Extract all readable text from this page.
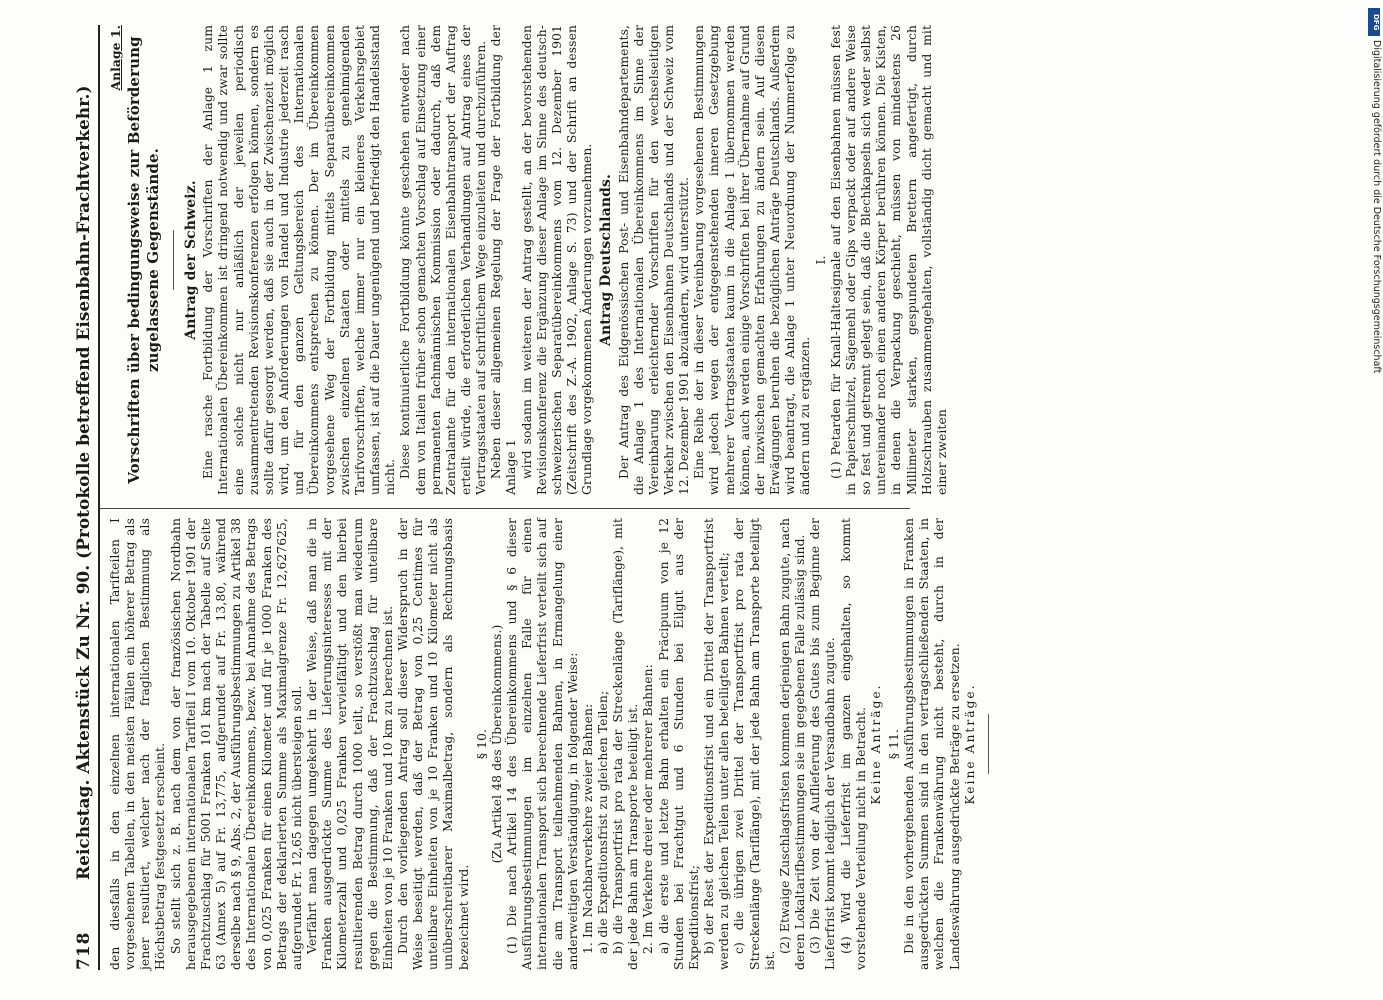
718
Reichstag. Aktenstück Zu Nr. 90. (Protokolle betreffend Eisenbahn-Frachtverkehr.) den diesfalls in den einzelnen internationalen Tarifteilen I vorgesehenen Tabellen, in den meisten Fällen ein höherer Betrag als jener resultiert, welcher nach der fraglichen Bestimmung als Höchstbetrag festgesetzt erscheint. So stellt sich z. B. nach dem von der französischen Nordbahn herausgegebenen internationalen Tarifteil I vom 10. Oktober 1901 der Frachtzuschlag für 5001 Franken 101 km nach der Tabelle auf Seite 63 (Annex 5) auf Fr. 13,775, aufgerundet auf Fr. 13,80, während derselbe nach § 9, Abs. 2, der Ausführungsbestimmungen zu Artikel 38 des Internationalen Übereinkommens, bezw. bei Annahme des Betrags von 0,025 Franken für einen Kilometer und für je 1000 Franken des Betrags der deklarierten Summe als Maximalgrenze Fr. 12,627625, aufgerundet Fr. 12,65 nicht übersteigen soll. Verfährt man dagegen umgekehrt in der Weise, daß man die in Franken ausgedrückte Summe des Lieferungsinteresses mit der Kilometerzahl und 0,025 Franken vervielfältigt und den hierbei resultierenden Betrag durch 1000 teilt, so verstößt man wiederum gegen die Bestimmung, daß der Frachtzuschlag für unteilbare Einheiten von je 10 Franken und 10 km zu berechnen ist. Durch den vorliegenden Antrag soll dieser Widerspruch in der Weise beseitigt werden, daß der Betrag von 0,25 Centimes für unteilbare Einheiten von je 10 Franken und 10 Kilometer nicht als unüberschreitbarer Maximalbetrag, sondern als Rechnungsbasis bezeichnet wird.

§ 10. (Zu Artikel 48 des Übereinkommens.) (1) Die nach Artikel 14 des Übereinkommens und § 6 dieser Ausführungsbestimmungen im einzelnen Falle für einen internationalen Transport sich berechnende Lieferfrist verteilt sich auf die am Transport teilnehmenden Bahnen, in Ermangelung einer anderweitigen Verständigung, in folgender Weise: 1. Im Nachbarverkehre zweier Bahnen: a) die Expeditionsfrist zu gleichen Teilen; b) die Transportfrist pro rata der Streckenlänge (Tariflänge), mit der jede Bahn am Transporte beteiligt ist. 2. Im Verkehre dreier oder mehrerer Bahnen: a) die erste und letzte Bahn erhalten ein Präcipuum von je 12 Stunden bei Frachtgut und 6 Stunden bei Eilgut aus der Expeditionsfrist; b) der Rest der Expeditionsfrist und ein Drittel der Transportfrist werden zu gleichen Teilen unter allen beteiligten Bahnen verteilt; c) die übrigen zwei Drittel der Transportfrist pro rata der Streckenlänge (Tariflänge), mit der jede Bahn am Transporte beteiligt ist.

(2) Etwaige Zuschlagsfristen kommen derjenigen Bahn zugute, nach deren Lokaltarifbestimmungen sie im gegebenen Falle zulässig sind. (3) Die Zeit von der Auflieferung des Gutes bis zum Beginne der Lieferfrist kommt lediglich der Versandbahn zugute. (4) Wird die Lieferfrist im ganzen eingehalten, so kommt vorstehende Verteilung nicht in Betracht. Keine Anträge. § 11. Die in den vorhergehenden Ausführungsbestimmungen in Franken ausgedrückten Summen sind in den vertragschließenden Staaten, in welchen die Frankenwährung nicht besteht, durch in der Landeswährung ausgedrückte Beträge zu ersetzen. Keine Anträge.

Anlage 1. Vorschriften über bedingungsweise zur Beförderung zugelassene Gegenstände. Antrag der Schweiz. Eine rasche Fortbildung der Vorschriften der Anlage 1 zum Internationalen Übereinkommen ist dringend notwendig und zwar sollte eine solche nicht nur anläßlich der jeweilen periodisch zusammentretenden Revisionskonferenzen erfolgen können, sondern es sollte dafür gesorgt werden, daß sie auch in der Zwischenzeit möglich wird, um den Anforderungen von Handel und Industrie jederzeit rasch und für den ganzen Geltungsbereich des Internationalen Übereinkommens entsprechen zu können. Der im Übereinkommen vorgesehene Weg der Fortbildung mittels Separatübereinkommen zwischen einzelnen Staaten oder mittels zu genehmigenden Tarifvorschriften, welche immer nur ein kleineres Verkehrsgebiet umfassen, ist auf die Dauer ungenügend und befriedigt den Handelsstand nicht. Diese kontinuierliche Fortbildung könnte geschehen entweder nach dem von Italien früher schon gemachten Vorschlag auf Einsetzung einer permanenten fachmännischen Kommission oder dadurch, daß dem Zentralamte für den internationalen Eisenbahntransport der Auftrag erteilt würde, die erforderlichen Verhandlungen auf Antrag eines der Vertragsstaaten auf schriftlichem Wege einzuleiten und durchzuführen. Neben dieser allgemeinen Regelung der Frage der Fortbildung der Anlage 1 wird sodann im weiteren der Antrag gestellt, an der bevorstehenden Revisionskonferenz die Ergänzung dieser Anlage im Sinne des deutsch-schweizerischen Separatübereinkommens vom 12. Dezember 1901 (Zeitschrift des Z.-A. 1902, Anlage S. 73) und der Schrift an dessen Grundlage vorgekommenen Änderungen vorzunehmen. Antrag Deutschlands. Der Antrag des Eidgenössischen Post- und Eisenbahndepartements, die Anlage 1 des Internationalen Übereinkommens im Sinne der Vereinbarung erleichternder Vorschriften für den wechselseitigen Verkehr zwischen den Eisenbahnen Deutschlands und der Schweiz vom 12. Dezember 1901 abzuändern, wird unterstützt. Eine Reihe der in dieser Vereinbarung vorgesehenen Bestimmungen wird jedoch wegen der entgegenstehenden inneren Gesetzgebung mehrerer Vertragsstaaten kaum in die Anlage 1 übernommen werden können, auch werden einige Vorschriften bei ihrer Übernahme auf Grund der inzwischen gemachten Erfahrungen zu ändern sein. Auf diesen Erwägungen beruhen die bezüglichen Anträge Deutschlands. Außerdem wird beantragt, die Anlage 1 unter Neuordnung der Nummerfolge zu ändern und zu ergänzen.

I. (1) Petarden für Knall-Haltesignale auf den Eisenbahnen müssen fest in Papierschnitzel, Sägemehl oder Gips verpackt oder auf andere Weise so fest und getrennt gelegt sein, daß die Blechkapseln sich weder selbst untereinander noch einen anderen Körper berühren können. Die Kisten, in denen die Verpackung geschieht, müssen von mindestens 26 Millimeter starken, gespundeten Brettern angefertigt, durch Holzschrauben zusammengehalten, vollständig dicht gemacht und mit einer zweiten

DFG
Digitalisierung gefördert durch die Deutsche Forschungsgemeinschaft
